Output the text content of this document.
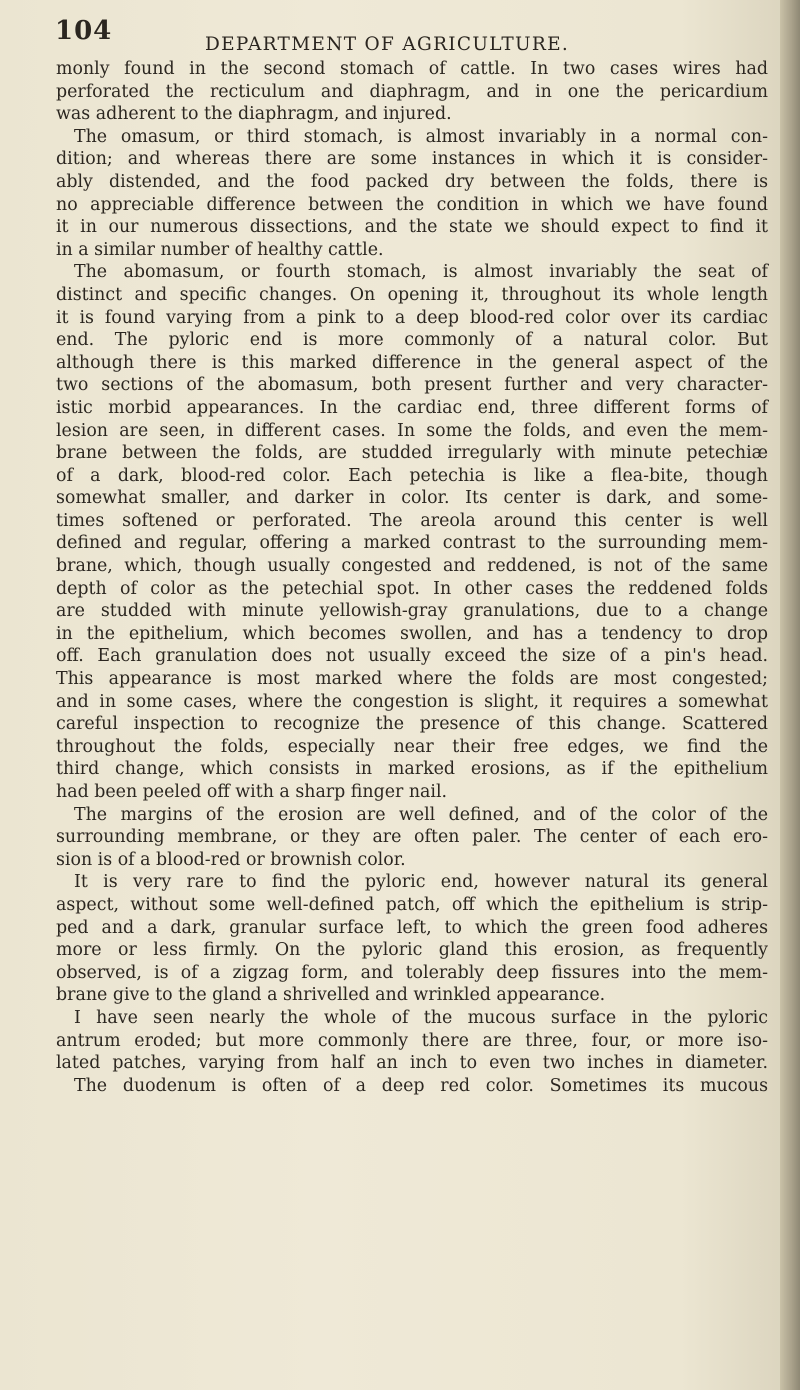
104	DEPARTMENT OF AGRICULTURE.
monly found in the second stomach of cattle. In two cases wires had
perforated the recticulum and diaphragm, and in one the pericardium
was adherent to the diaphragm, and injured.
The omasum, or third stomach, is almost invariably in a normal con-
dition; and whereas there are some instances in which it is consider-
ably distended, and the food packed dry between the folds, there is
no appreciable difference between the condition in which we have found
it in our numerous dissections, and the state we should expect to find it
in a similar number of healthy cattle.
The abomasum, or fourth stomach, is almost invariably the seat of
distinct and specific changes. On opening it, throughout its whole length
it is found varying from a pink to a deep blood-red color over its cardiac
end. The pyloric end is more commonly of a natural color. But
although there is this marked difference in the general aspect of the
two sections of the abomasum, both present further and very character-
istic morbid appearances. In the cardiac end, three different forms of
lesion are seen, in different cases. In some the folds, and even the mem-
brane between the folds, are studded irregularly with minute petechiæ
of a dark, blood-red color. Each petechia is like a flea-bite, though
somewhat smaller, and darker in color. Its center is dark, and some-
times softened or perforated. The areola around this center is well
defined and regular, offering a marked contrast to the surrounding mem-
brane, which, though usually congested and reddened, is not of the same
depth of color as the petechial spot. In other cases the reddened folds
are studded with minute yellowish-gray granulations, due to a change
in the epithelium, which becomes swollen, and has a tendency to drop
off. Each granulation does not usually exceed the size of a pin's head.
This appearance is most marked where the folds are most congested;
and in some cases, where the congestion is slight, it requires a somewhat
careful inspection to recognize the presence of this change. Scattered
throughout the folds, especially near their free edges, we find the
third change, which consists in marked erosions, as if the epithelium
had been peeled off with a sharp finger nail.
The margins of the erosion are well defined, and of the color of the
surrounding membrane, or they are often paler. The center of each ero-
sion is of a blood-red or brownish color.
It is very rare to find the pyloric end, however natural its general
aspect, without some well-defined patch, off which the epithelium is strip-
ped and a dark, granular surface left, to which the green food adheres
more or less firmly. On the pyloric gland this erosion, as frequently
observed, is of a zigzag form, and tolerably deep fissures into the mem-
brane give to the gland a shrivelled and wrinkled appearance.
I have seen nearly the whole of the mucous surface in the pyloric
antrum eroded; but more commonly there are three, four, or more iso-
lated patches, varying from half an inch to even two inches in diameter.
The duodenum is often of a deep red color. Sometimes its mucous
